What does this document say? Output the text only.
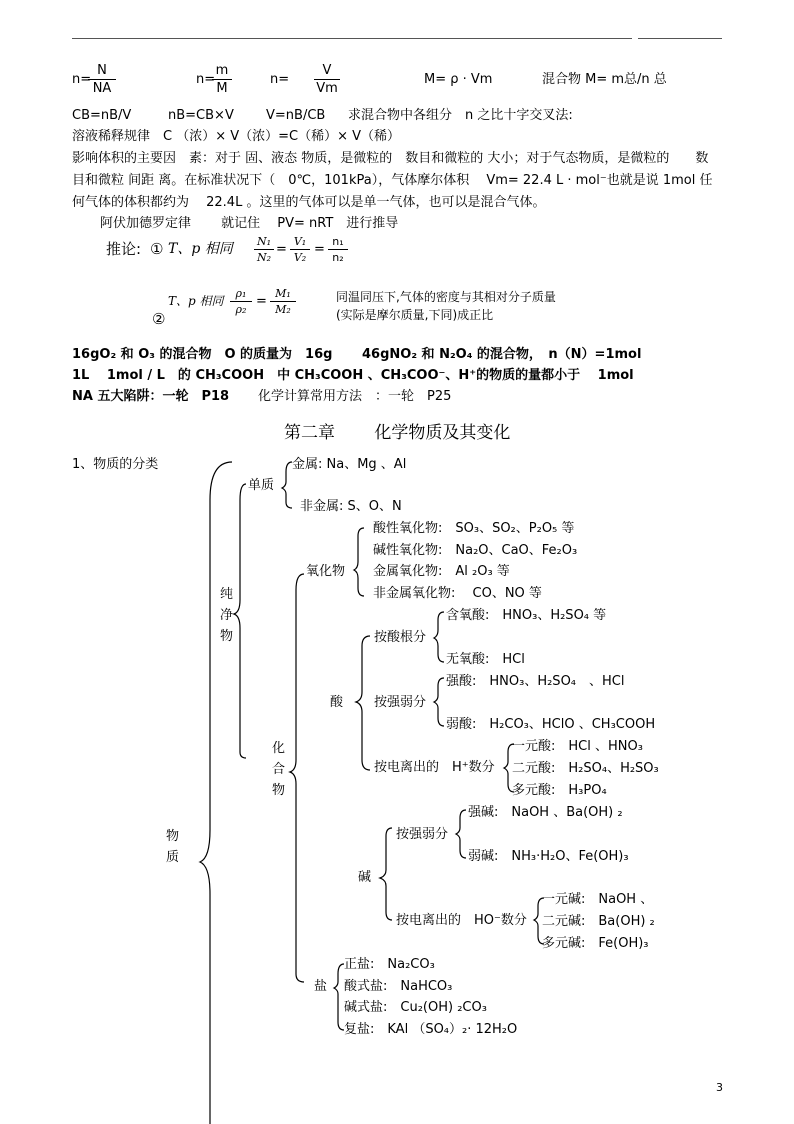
n=
N
NA
n=
m
M
n=
V
Vm
M= ρ · Vm	混合物 M= m总/n 总
CB=nB/V	nB=CB×V V=nB/CB 求混合物中各组分　n 之比十字交叉法:
溶液稀释规律　C （浓）× V（浓）=C（稀）× V（稀）
影响体积的主要因　素：对于 固、液态 物质，是微粒的　数目和微粒的 大小；对于气态物质，是微粒的　　数
目和微粒 间距 离。在标准状况下（　0℃，101kPa），气体摩尔体积　 Vm= 22.4 L · mol⁻也就是说 1mol 任
何气体的体积都约为　 22.4L 。这里的气体可以是单一气体，也可以是混合气体。
阿伏加德罗定律　　 就记住　 PV= nRT　进行推导
推论: ① T、p 相同 N₁
N₂
=
V₁
V₂
=
n₁
n₂
T、p 相同
②
ρ₁
ρ₂
=
M₁
M₂
同温同压下,气体的密度与其相对分子质量
(实际是摩尔质量,下同)成正比
16gO₂ 和 O₃ 的混合物　O 的质量为　16g 46gNO₂ 和 N₂O₄ 的混合物，　n（N）=1mol
1L　 1mol / L　的 CH₃COOH　中 CH₃COOH 、CH₃COO⁻、H⁺的物质的量都小于　 1mol
NA 五大陷阱：一轮　P18 化学计算常用方法　：一轮　P25
第二章　　 化学物质及其变化
1、物质的分类
物
质
纯
净
物
化
合
物
单质
金属: Na、Mg 、Al
非金属: S、O、N
氧化物
酸性氧化物:　SO₃、SO₂、P₂O₅ 等
碱性氧化物:　Na₂O、CaO、Fe₂O₃
金属氧化物:　Al ₂O₃ 等
非金属氧化物:　 CO、NO 等
酸
按酸根分
含氧酸:　HNO₃、H₂SO₄ 等
无氧酸:　HCl
按强弱分
强酸:　HNO₃、H₂SO₄　、HCl
弱酸:　H₂CO₃、HClO 、CH₃COOH
按电离出的　H⁺数分
一元酸:　HCl 、HNO₃
二元酸:　H₂SO₄、H₂SO₃
多元酸:　H₃PO₄
碱
按强弱分
强碱:　NaOH 、Ba(OH) ₂
弱碱:　NH₃·H₂O、Fe(OH)₃
按电离出的　HO⁻数分
一元碱:　NaOH 、
二元碱:　Ba(OH) ₂
多元碱:　Fe(OH)₃
盐
正盐:　Na₂CO₃
酸式盐:　NaHCO₃
碱式盐:　Cu₂(OH) ₂CO₃
复盐:　KAl （SO₄）₂· 12H₂O
3
